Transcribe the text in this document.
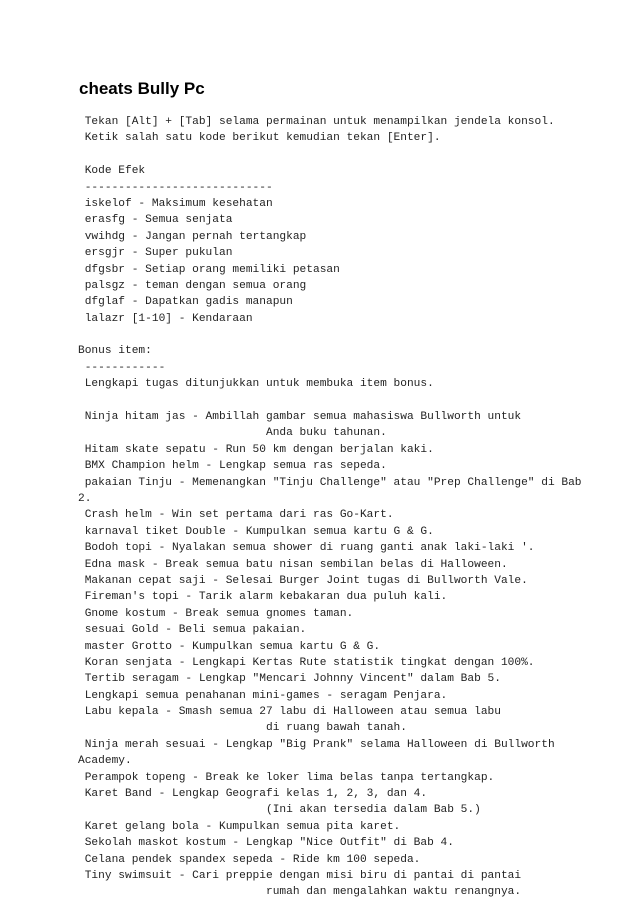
cheats Bully Pc
Tekan [Alt] + [Tab] selama permainan untuk menampilkan jendela konsol.
Ketik salah satu kode berikut kemudian tekan [Enter].
Kode Efek
----------------------------
iskelof - Maksimum kesehatan
erasfg - Semua senjata
vwihdg - Jangan pernah tertangkap
ersgjr - Super pukulan
dfgsbr - Setiap orang memiliki petasan
palsgz - teman dengan semua orang
dfglaf - Dapatkan gadis manapun
lalazr [1-10] - Kendaraan
Bonus item:
------------
Lengkapi tugas ditunjukkan untuk membuka item bonus.
Ninja hitam jas - Ambillah gambar semua mahasiswa Bullworth untuk
Anda buku tahunan.
Hitam skate sepatu - Run 50 km dengan berjalan kaki.
BMX Champion helm - Lengkap semua ras sepeda.
pakaian Tinju - Memenangkan "Tinju Challenge" atau "Prep Challenge" di Bab
2.
Crash helm - Win set pertama dari ras Go-Kart.
karnaval tiket Double - Kumpulkan semua kartu G & G.
Bodoh topi - Nyalakan semua shower di ruang ganti anak laki-laki '.
Edna mask - Break semua batu nisan sembilan belas di Halloween.
Makanan cepat saji - Selesai Burger Joint tugas di Bullworth Vale.
Fireman's topi - Tarik alarm kebakaran dua puluh kali.
Gnome kostum - Break semua gnomes taman.
sesuai Gold - Beli semua pakaian.
master Grotto - Kumpulkan semua kartu G & G.
Koran senjata - Lengkapi Kertas Rute statistik tingkat dengan 100%.
Tertib seragam - Lengkap "Mencari Johnny Vincent" dalam Bab 5.
Lengkapi semua penahanan mini-games - seragam Penjara.
Labu kepala - Smash semua 27 labu di Halloween atau semua labu
di ruang bawah tanah.
Ninja merah sesuai - Lengkap "Big Prank" selama Halloween di Bullworth
Academy.
Perampok topeng - Break ke loker lima belas tanpa tertangkap.
Karet Band - Lengkap Geografi kelas 1, 2, 3, dan 4.
(Ini akan tersedia dalam Bab 5.)
Karet gelang bola - Kumpulkan semua pita karet.
Sekolah maskot kostum - Lengkap "Nice Outfit" di Bab 4.
Celana pendek spandex sepeda - Ride km 100 sepeda.
Tiny swimsuit - Cari preppie dengan misi biru di pantai di pantai
rumah dan mengalahkan waktu renangnya.
